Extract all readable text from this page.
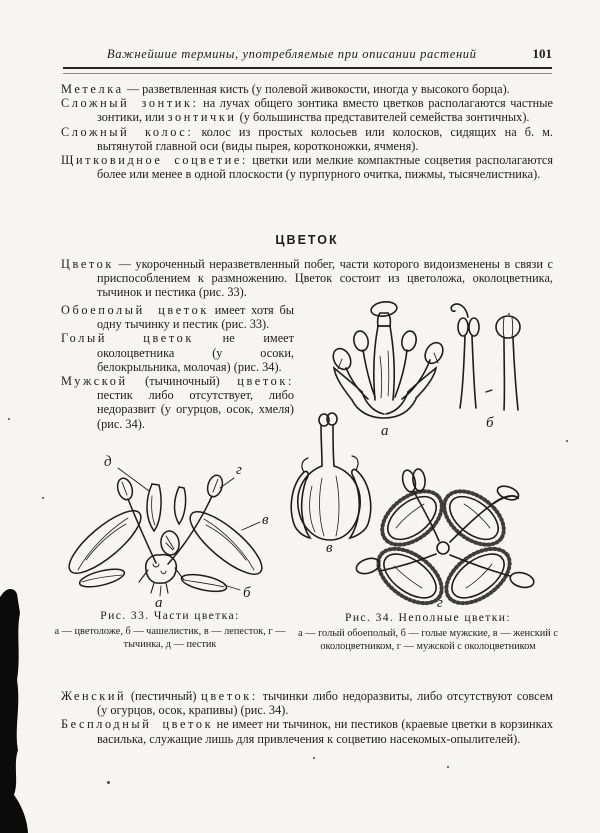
Важнейшие термины, употребляемые при описании растений	101

Метелка — разветвленная кисть (у полевой живокости, иногда у высокого борца).

Сложный зонтик: на лучах общего зонтика вместо цветков располагаются частные зонтики, или зонтички (у большинства представителей семейства зонтичных).

Сложный колос: колос из простых колосьев или колосков, сидящих на б. м. вытянутой главной оси (виды пырея, коротконожки, ячменя).

Щитковидное соцветие: цветки или мелкие компактные соцветия располагаются более или менее в одной плоскости (у пурпурного очитка, пижмы, тысячелистника).

ЦВЕТОК

Цветок — укороченный неразветвленный побег, части которого видоизменены в связи с приспособлением к размножению. Цветок состоит из цветоложа, околоцветника, тычинок и пестика (рис. 33).

Обоеполый цветок имеет хотя бы одну тычинку и пестик (рис. 33).

Голый цветок не имеет околоцветника (у осоки, белокрыльника, молочая) (рис. 34).

Мужской (тычиночный) цветок: пестик либо отсутствует, либо недоразвит (у огурцов, осок, хмеля) (рис. 34).	а	б
д	г
в
б
а
в
г

Рис. 33. Части цветка:

а — цветоложе, б — чашелистик, в — лепесток, г — тычинка, д — пестик

Рис. 34. Неполные цветки:

а — голый обоеполый, б — голые мужские, в — женский с околоцветником, г — мужской с околоцветником

Женский (пестичный) цветок: тычинки либо недоразвиты, либо отсутствуют совсем (у огурцов, осок, крапивы) (рис. 34).

Бесплодный цветок не имеет ни тычинок, ни пестиков (краевые цветки в корзинках василька, служащие лишь для привлечения к соцветию насекомых-опылителей).
